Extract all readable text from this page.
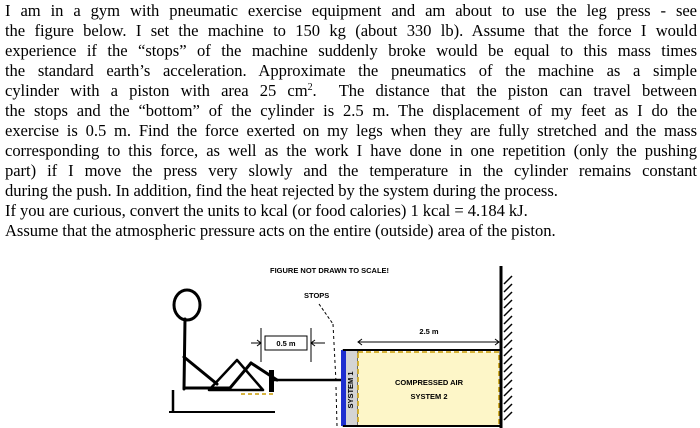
I am in a gym with pneumatic exercise equipment and am about to use the leg press - see
the figure below. I set the machine to 150 kg (about 330 lb). Assume that the force I would
experience if the “stops” of the machine suddenly broke would be equal to this mass times
the standard earth’s acceleration. Approximate the pneumatics of the machine as a simple
cylinder with a piston with area 25 $cm^2$. The distance that the piston can travel between
the stops and the “bottom” of the cylinder is 2.5 m. The displacement of my feet as I do the
exercise is 0.5 m. Find the force exerted on my legs when they are fully stretched and the mass
corresponding to this force, as well as the work I have done in one repetition (only the pushing
part) if I move the press very slowly and the temperature in the cylinder remains constant
during the push. In addition, find the heat rejected by the system during the process.
If you are curious, convert the units to kcal (or food calories) 1 kcal = 4.184 kJ.
Assume that the atmospheric pressure acts on the entire (outside) area of the piston.
FIGURE NOT DRAWN TO SCALE!
0.5 m
STOPS
SYSTEM 1	COMPRESSED AIR
SYSTEM 2
2.5 m
